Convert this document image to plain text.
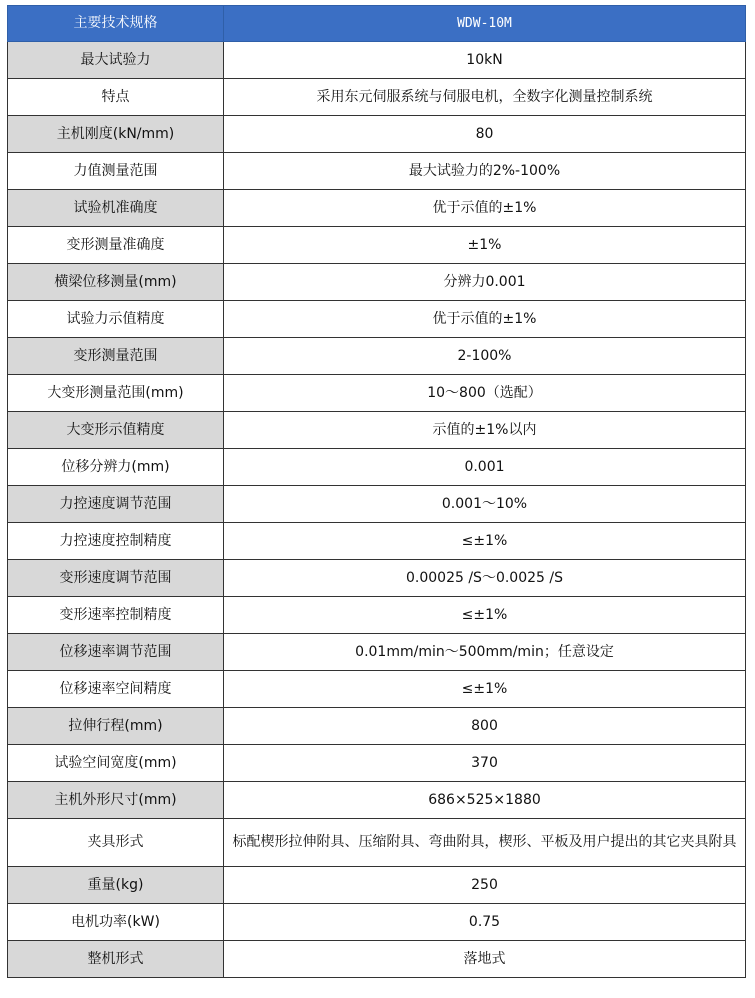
主要技术规格	WDW-10M
最大试验力	10kN
特点	采用东元伺服系统与伺服电机，全数字化测量控制系统
主机刚度(kN/mm)	80
力值测量范围	最大试验力的2%-100%
试验机准确度	优于示值的±1%
变形测量准确度	±1%
横梁位移测量(mm)	分辨力0.001
试验力示值精度	优于示值的±1%
变形测量范围	2-100%
大变形测量范围(mm)	10～800（选配）
大变形示值精度	示值的±1%以内
位移分辨力(mm)	0.001
力控速度调节范围	0.001～10%
力控速度控制精度	≤±1%
变形速度调节范围	0.00025 /S～0.0025 /S
变形速率控制精度	≤±1%
位移速率调节范围	0.01mm/min～500mm/min；任意设定
位移速率空间精度	≤±1%
拉伸行程(mm)	800
试验空间宽度(mm)	370
主机外形尺寸(mm)	686×525×1880
夹具形式	标配楔形拉伸附具、压缩附具、弯曲附具，楔形、平板及用户提出的其它夹具附具
重量(kg)	250
电机功率(kW)	0.75
整机形式	落地式
